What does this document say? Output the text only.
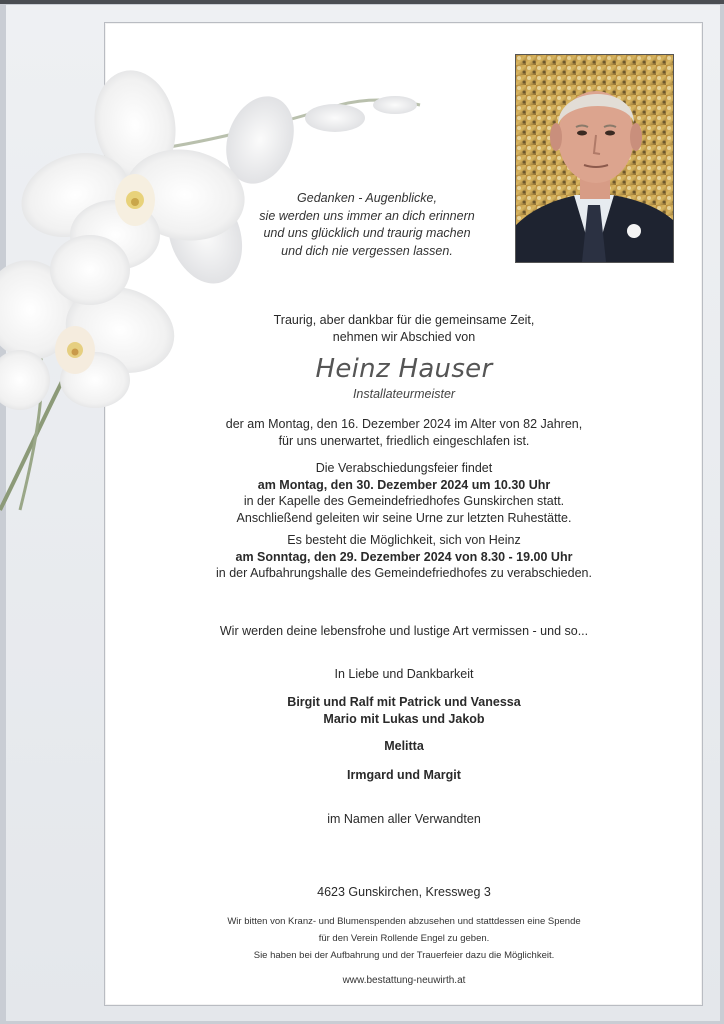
Gedanken - Augenblicke,
sie werden uns immer an dich erinnern
und uns glücklich und traurig machen
und dich nie vergessen lassen.

Traurig, aber dankbar für die gemeinsame Zeit,

nehmen wir Abschied von

Heinz Hauser

Installateurmeister

der am Montag, den 16. Dezember 2024 im Alter von 82 Jahren,

für uns unerwartet, friedlich eingeschlafen ist.

Die Verabschiedungsfeier findet

am Montag, den 30. Dezember 2024 um 10.30 Uhr

in der Kapelle des Gemeindefriedhofes Gunskirchen statt.

Anschließend geleiten wir seine Urne zur letzten Ruhestätte.

Es besteht die Möglichkeit, sich von Heinz

am Sonntag, den 29. Dezember 2024 von 8.30 - 19.00 Uhr

in der Aufbahrungshalle des Gemeindefriedhofes zu verabschieden.

Wir werden deine lebensfrohe und lustige Art vermissen - und so...

In Liebe und Dankbarkeit

Birgit und Ralf mit Patrick und Vanessa

Mario mit Lukas und Jakob

Melitta

Irmgard und Margit

im Namen aller Verwandten

4623 Gunskirchen, Kressweg 3

Wir bitten von Kranz- und Blumenspenden abzusehen und stattdessen eine Spende

für den Verein Rollende Engel zu geben.

Sie haben bei der Aufbahrung und der Trauerfeier dazu die Möglichkeit.

www.bestattung-neuwirth.at
